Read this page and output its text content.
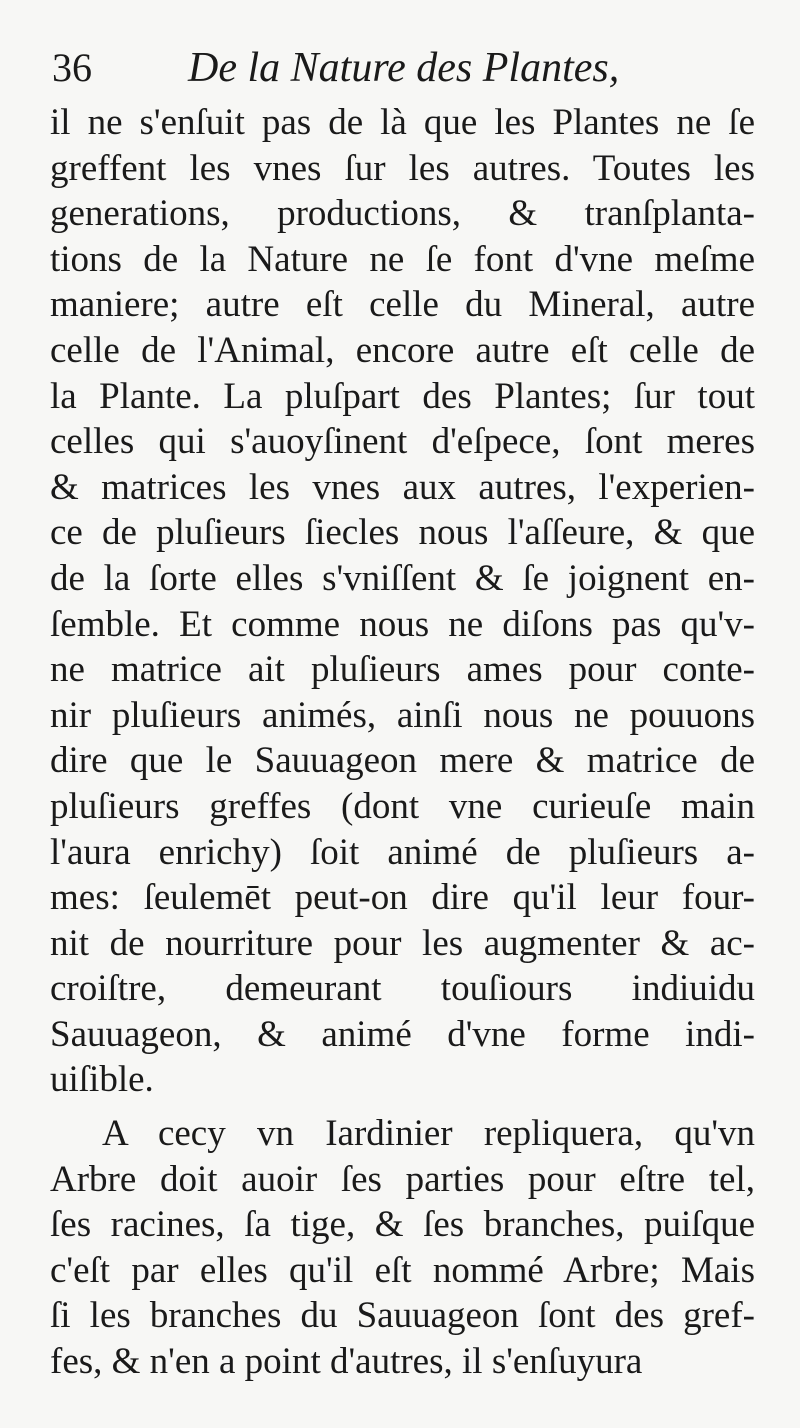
36 De la Nature des Plantes,
il ne s'enſuit pas de là que les Plantes ne ſe
greffent les vnes ſur les autres. Toutes les
generations, productions, & tranſplanta-
tions de la Nature ne ſe font d'vne meſme
maniere; autre eſt celle du Mineral, autre
celle de l'Animal, encore autre eſt celle de
la Plante. La pluſpart des Plantes; ſur tout
celles qui s'auoyſinent d'eſpece, ſont meres
& matrices les vnes aux autres, l'experien-
ce de pluſieurs ſiecles nous l'aſſeure, & que
de la ſorte elles s'vniſſent & ſe joignent en-
ſemble. Et comme nous ne diſons pas qu'v-
ne matrice ait pluſieurs ames pour conte-
nir pluſieurs animés, ainſi nous ne pouuons
dire que le Sauuageon mere & matrice de
pluſieurs greffes (dont vne curieuſe main
l'aura enrichy) ſoit animé de pluſieurs a-
mes: ſeulemēt peut-on dire qu'il leur four-
nit de nourriture pour les augmenter & ac-
croiſtre, demeurant touſiours indiuidu
Sauuageon, & animé d'vne forme indi-
uiſible.
A cecy vn Iardinier repliquera, qu'vn
Arbre doit auoir ſes parties pour eſtre tel,
ſes racines, ſa tige, & ſes branches, puiſque
c'eſt par elles qu'il eſt nommé Arbre; Mais
ſi les branches du Sauuageon ſont des gref-
fes, & n'en a point d'autres, il s'enſuyura
